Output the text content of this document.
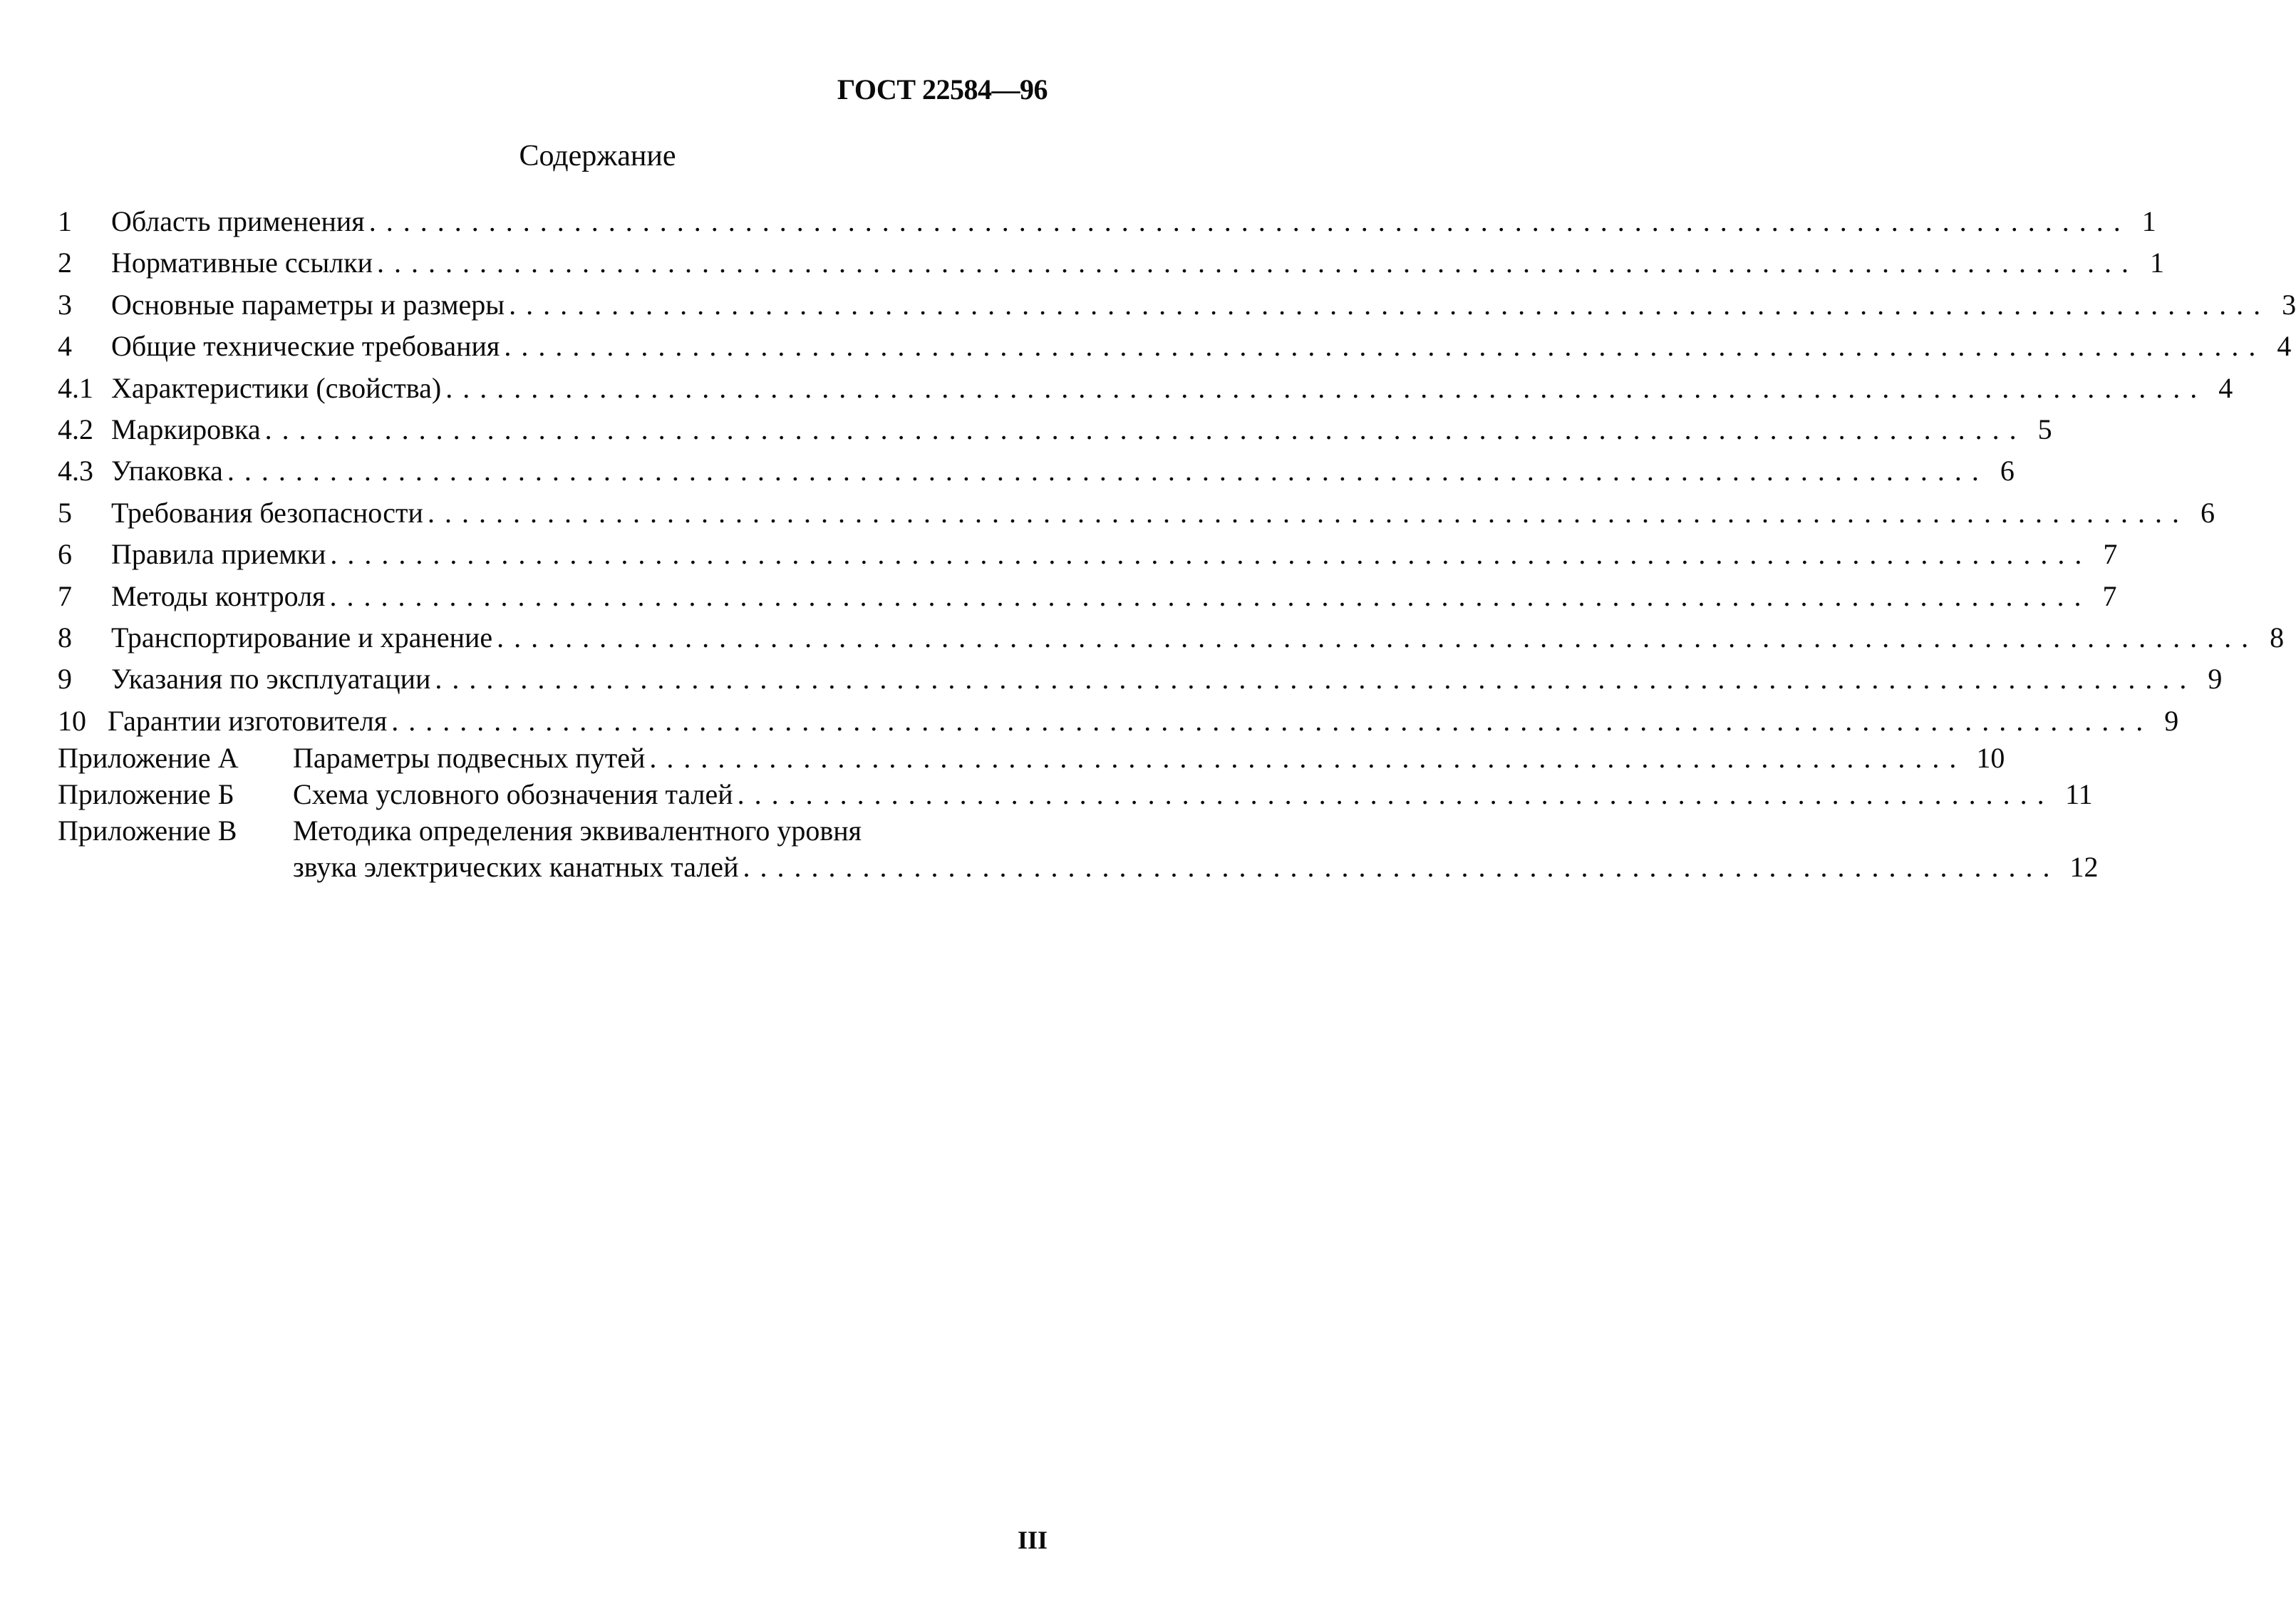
ГОСТ 22584—96
Содержание
1	Область применения . . .	1
2	Нормативные ссылки . . .	1
3	Основные параметры и размеры . . .	3
4	Общие технические требования . . .	4
4.1 Характеристики (свойства) . . .	4
4.2 Маркировка . . .	5
4.3 Упаковка . . .	6
5	Требования безопасности . . .	6
6	Правила приемки . . .	7
7	Методы контроля . . .	7
8	Транспортирование и хранение . . .	8
9	Указания по эксплуатации . . .	9
10 Гарантии изготовителя . . .	9
Приложение А	Параметры подвесных путей . . .	10
Приложение Б	Схема условного обозначения талей . . .	11
Приложение В	Методика определения эквивалентного уровня
звука электрических канатных талей . . .	12
III
